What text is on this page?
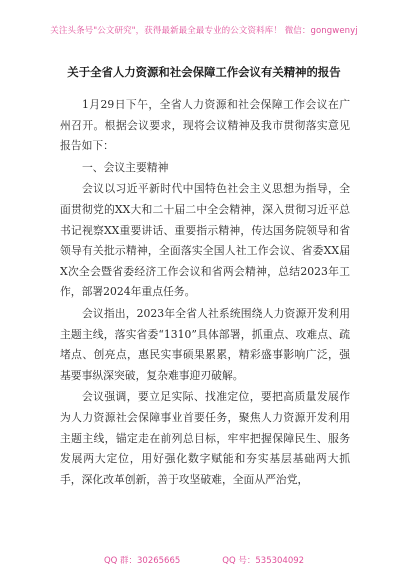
关注头条号"公文研究"，获得最新最全最专业的公文资料库！ 微信：gongwenyj
关于全省人力资源和社会保障工作会议有关精神的报告

1月29日下午，全省人力资源和社会保障工作会议在广州召开。根据会议要求，现将会议精神及我市贯彻落实意见报告如下：

一、会议主要精神

会议以习近平新时代中国特色社会主义思想为指导，全面贯彻党的XX大和二十届二中全会精神，深入贯彻习近平总书记视察XX重要讲话、重要指示精神，传达国务院领导和省领导有关批示精神，全面落实全国人社工作会议、省委XX届X次全会暨省委经济工作会议和省两会精神，总结2023年工作，部署2024年重点任务。

会议指出，2023年全省人社系统围绕人力资源开发利用主题主线，落实省委“1310”具体部署，抓重点、攻难点、疏堵点、创亮点，惠民实事硕果累累，精彩盛事影响广泛，强基要事纵深突破，复杂难事迎刃破解。

会议强调，要立足实际、找准定位，要把高质量发展作为人力资源社会保障事业首要任务，聚焦人力资源开发利用主题主线，锚定走在前列总目标，牢牢把握保障民生、服务发展两大定位，用好强化数字赋能和夯实基层基础两大抓手，深化改革创新，善于攻坚破难，全面从严治党，

QQ 群：30265665	QQ 号：535304092
